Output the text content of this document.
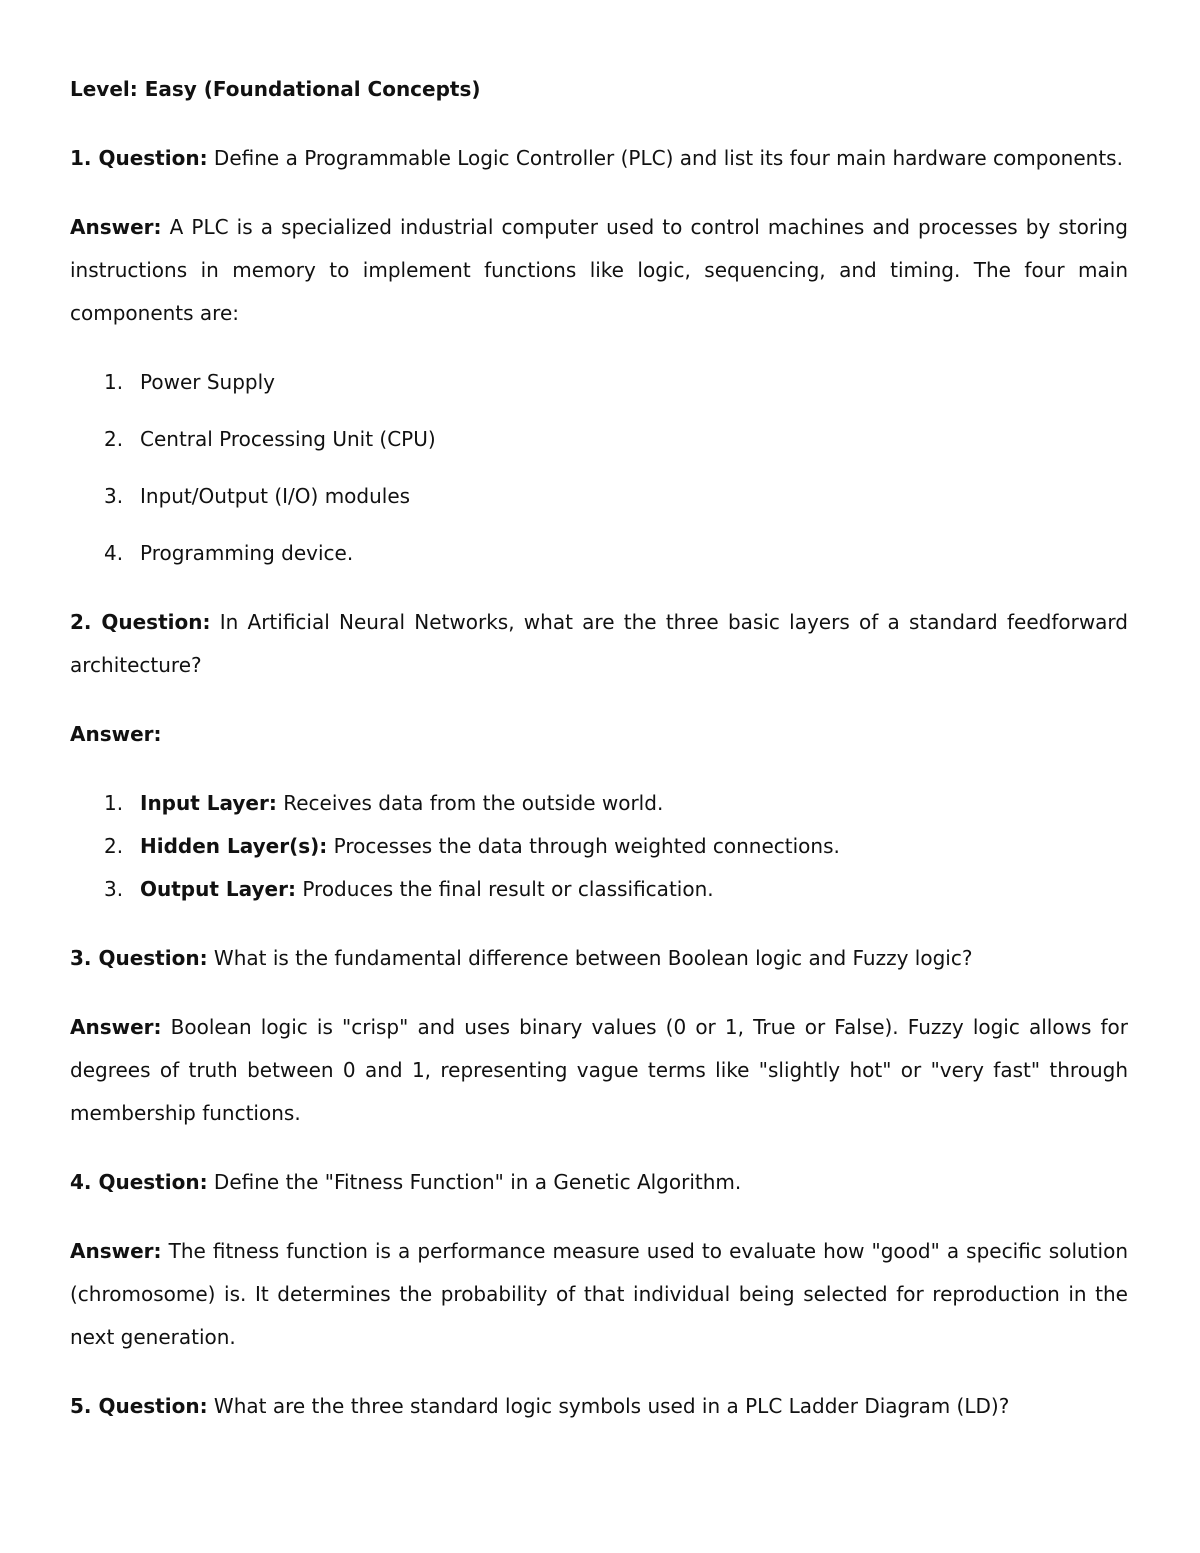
Level: Easy (Foundational Concepts)

1. Question: Define a Programmable Logic Controller (PLC) and list its four main hardware components.

Answer: A PLC is a specialized industrial computer used to control machines and processes by storing instructions in memory to implement functions like logic, sequencing, and timing. The four main components are:

1. Power Supply
2. Central Processing Unit (CPU)
3. Input/Output (I/O) modules
4. Programming device.

2. Question: In Artificial Neural Networks, what are the three basic layers of a standard feedforward architecture?

Answer:

1. Input Layer: Receives data from the outside world.
2. Hidden Layer(s): Processes the data through weighted connections.
3. Output Layer: Produces the final result or classification.

3. Question: What is the fundamental difference between Boolean logic and Fuzzy logic?

Answer: Boolean logic is "crisp" and uses binary values (0 or 1, True or False). Fuzzy logic allows for degrees of truth between 0 and 1, representing vague terms like "slightly hot" or "very fast" through membership functions.

4. Question: Define the "Fitness Function" in a Genetic Algorithm.

Answer: The fitness function is a performance measure used to evaluate how "good" a specific solution (chromosome) is. It determines the probability of that individual being selected for reproduction in the next generation.

5. Question: What are the three standard logic symbols used in a PLC Ladder Diagram (LD)?
